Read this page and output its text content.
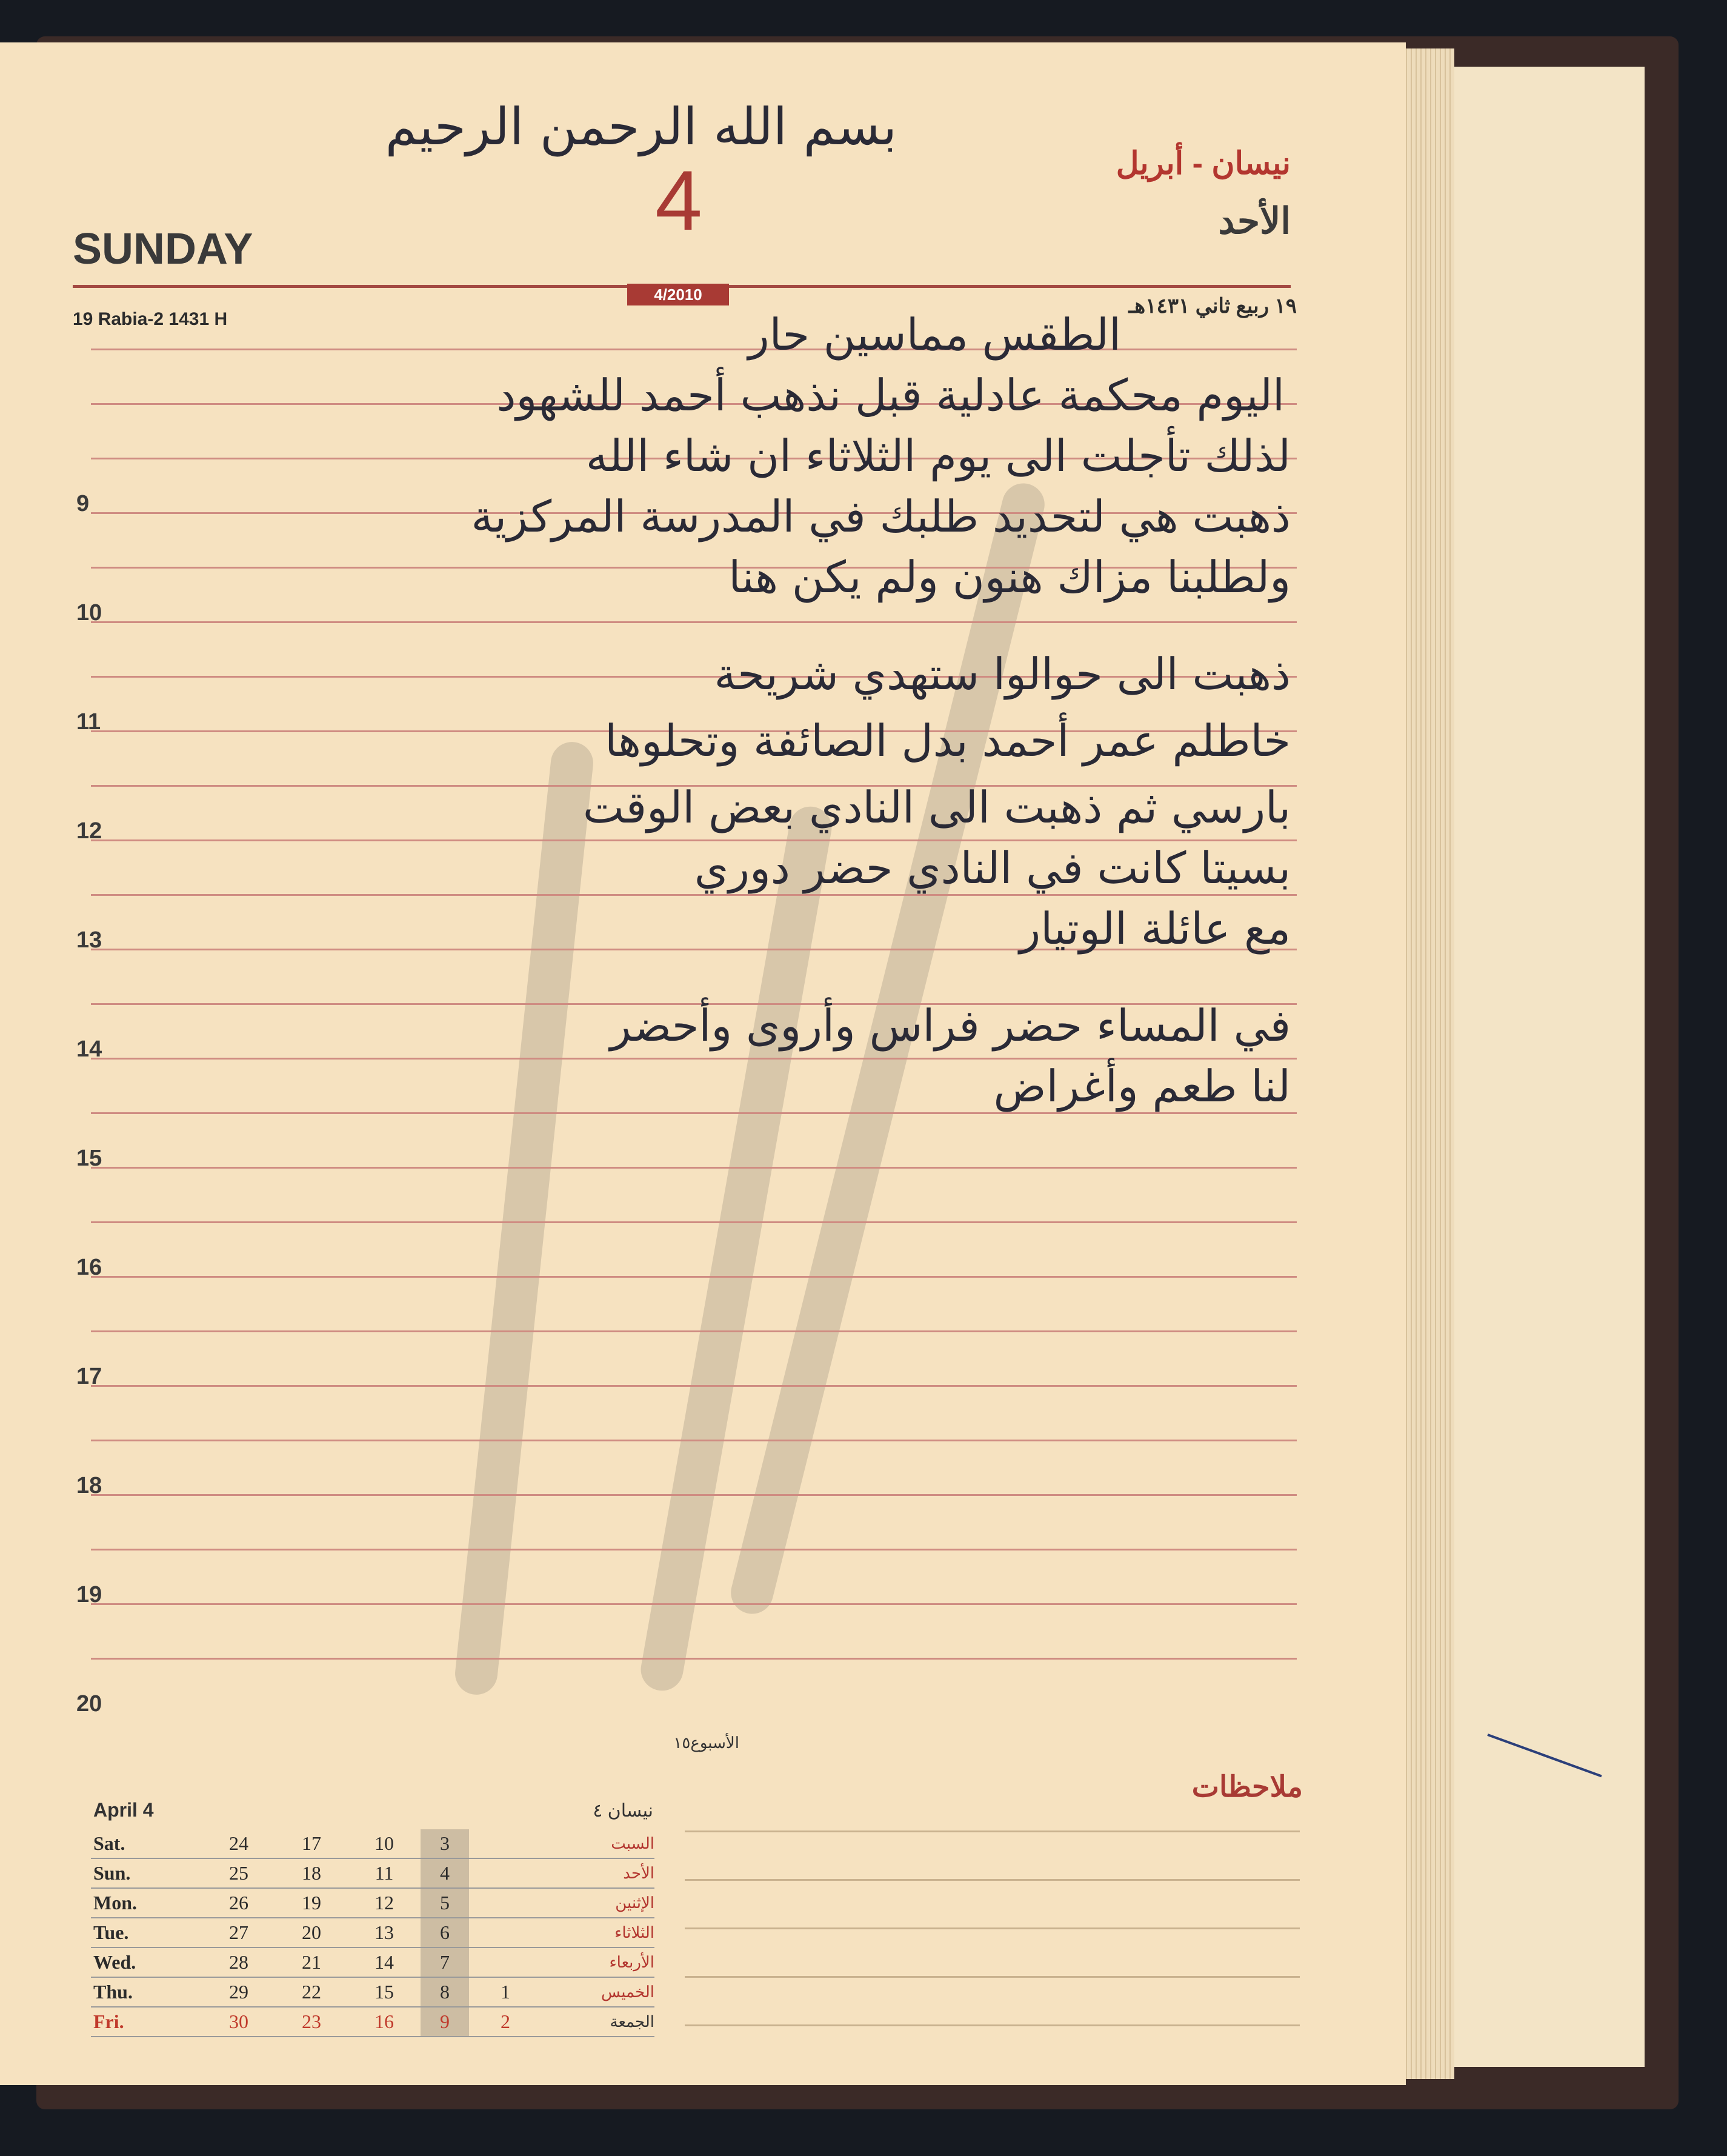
بسم الله الرحمن الرحيم
نيسان - أبريل
الأحد
SUNDAY
4
4/2010
19 Rabia-2 1431 H
١٩ ربيع ثاني ١٤٣١هـ
9
10
11
12
13
14
15
16
17
18
19
20
الطقس مماسين حار
اليوم محكمة عادلية قبل نذهب أحمد للشهود
لذلك تأجلت الى يوم الثلاثاء ان شاء الله
ذهبت هي لتحديد طلبك في المدرسة المركزية
ولطلبنا مزاك هنون ولم يكن هنا
ذهبت الى حوالوا ستهدي شريحة
خاطلم عمر أحمد بدل الصائفة وتحلوها
بارسي ثم ذهبت الى النادي بعض الوقت
بسيتا كانت في النادي حضر دوري
مع عائلة الوتيار
في المساء حضر فراس وأروى وأحضر
لنا طعم وأغراض
الأسبوع١٥
ملاحظات
April 4	نيسان ٤
Sat.	24	17	10	3		السبت
Sun.	25	18	11	4		الأحد
Mon.	26	19	12	5		الإثنين
Tue.	27	20	13	6		الثلاثاء
Wed.	28	21	14	7		الأربعاء
Thu.	29	22	15	8	1	الخميس
Fri.	30	23	16	9	2	الجمعة
